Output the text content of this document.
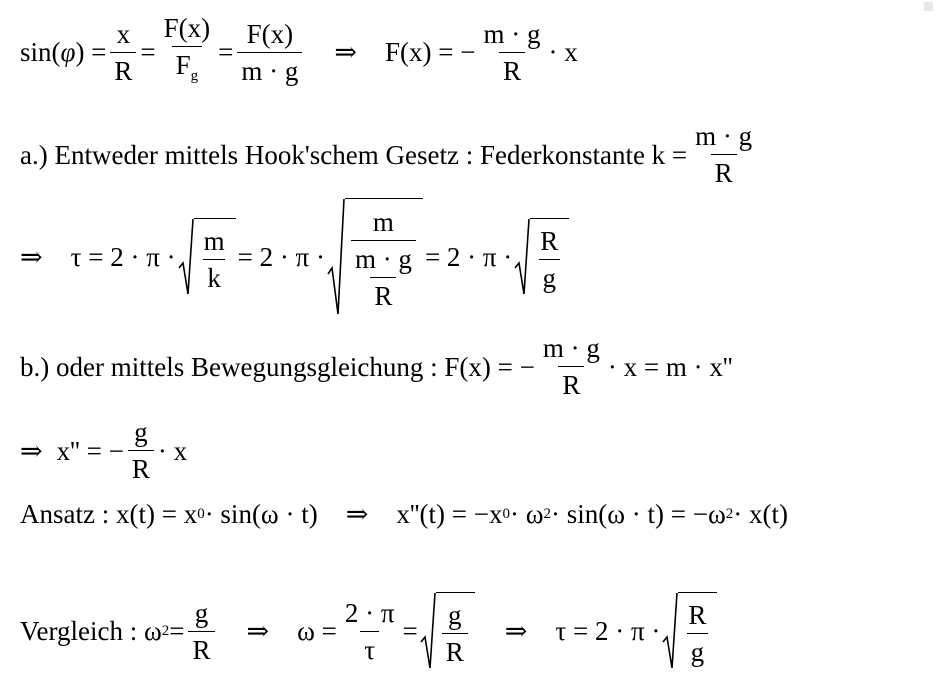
sin( φ ) = $\frac{x}{R} = \frac{F(x)}{F_g} = \frac{F(x)}{m \cdot g}$ ⇒ F(x) = − $\frac{m \cdot g}{R} \cdot x$
a.) Entweder mittels Hook'schem Gesetz : Federkonstante $k = \frac{m \cdot g}{R}$
⇒ $\tau = 2 \cdot \pi \cdot \frac{m}{k} = 2 \cdot \pi \cdot \frac{m}{\frac{m \cdot g}{R}} = 2 \cdot \pi \cdot \frac{R}{g}$
b.) oder mittels Bewegungsgleichung : F(x) = − $\frac{m \cdot g}{R} \cdot x = m \cdot x''$
⇒ x'' = − $\frac{g}{R} \cdot x$
Ansatz : x(t) = x 0 · sin(ω · t) ⇒ x''(t) = −x 0 · ω 2 · sin(ω · t) = −ω 2 · x(t)
Vergleich : ω $2 = \frac{g}{R}$ ⇒ $\omega = \frac{2 \cdot \pi}{\tau} = \frac{g}{R}$ ⇒ $\tau = 2 \cdot \pi \cdot \frac{R}{g}$
